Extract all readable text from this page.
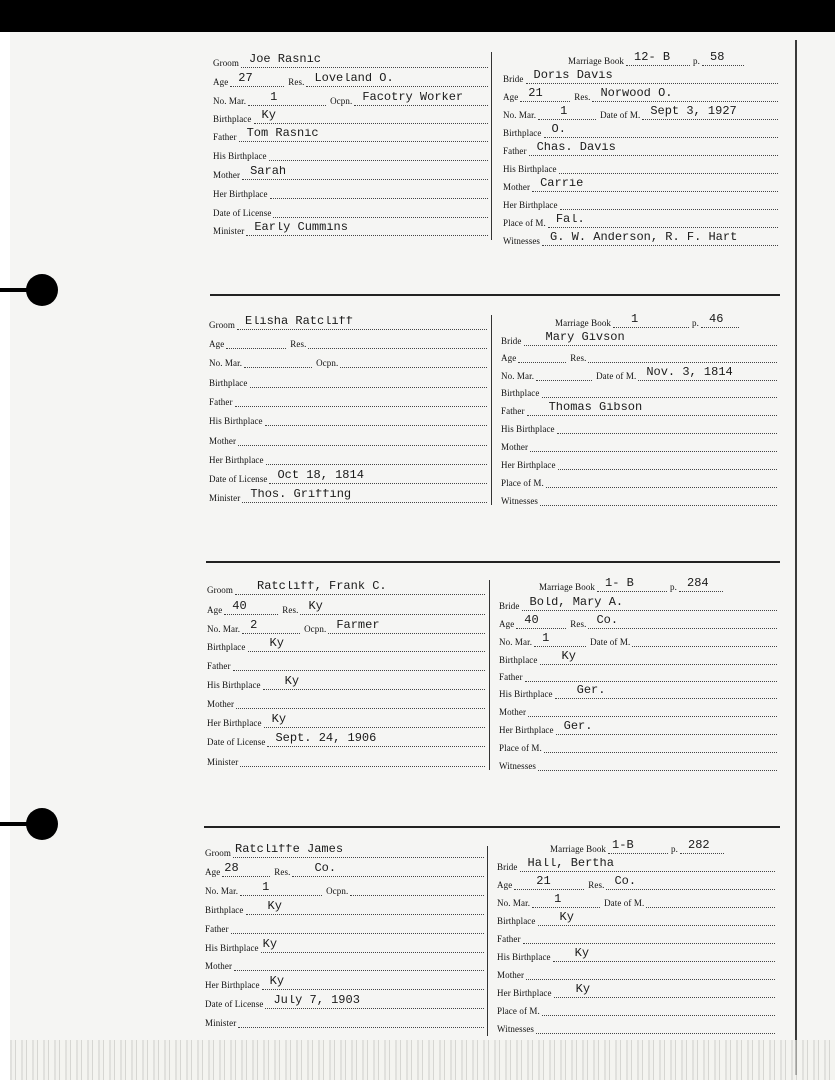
Groom Joe Rasnic
Age 27	Res. Loveland O.
No. Mar.	1	Ocpn. Facotry Worker
Birthplace Ky
Father Tom Rasnic
His Birthplace
Mother Sarah
Her Birthplace
Date of License
Minister Early Cummins
Marriage Book 12- B	p. 58
Bride Doris Davis
Age 21	Res. Norwood O.
No. Mar.	1	Date of M. Sept 3, 1927
Birthplace O.
Father Chas. Davis
His Birthplace
Mother Carrie
Her Birthplace
Place of M. Fal.
Witnesses G. W. Anderson, R. F. Hart
Groom Elisha Ratcliff
Age	Res.
No. Mar.	Ocpn.
Birthplace
Father
His Birthplace
Mother
Her Birthplace
Date of License Oct 18, 1814
Minister Thos. Griffing
Marriage Book	1	p. 46
Bride	Mary Givson
Age	Res.
No. Mar.	Date of M. Nov. 3, 1814
Birthplace
Father	Thomas Gibson
His Birthplace
Mother
Her Birthplace
Place of M.
Witnesses
Groom	Ratcliff, Frank C.
Age 40	Res. Ky
No. Mar. 2	Ocpn. Farmer
Birthplace	Ky
Father
His Birthplace	Ky
Mother
Her Birthplace Ky
Date of License Sept. 24, 1906
Minister
Marriage Book 1- B	p. 284
Bride Bold, Mary A.
Age 40	Res. Co.
No. Mar. 1	Date of M.
Birthplace	Ky
Father
His Birthplace	Ger.
Mother
Her Birthplace Ger.
Place of M.
Witnesses
Groom Ratcliffe James
Age 28	Res.	Co.
No. Mar.	1	Ocpn.
Birthplace	Ky
Father
His Birthplace Ky
Mother
Her Birthplace Ky
Date of License July 7, 1903
Minister
Marriage Book 1-B	p. 282
Bride Hall, Bertha
Age	21	Res. Co.
No. Mar.	1	Date of M.
Birthplace	Ky
Father
His Birthplace	Ky
Mother
Her Birthplace	Ky
Place of M.
Witnesses
